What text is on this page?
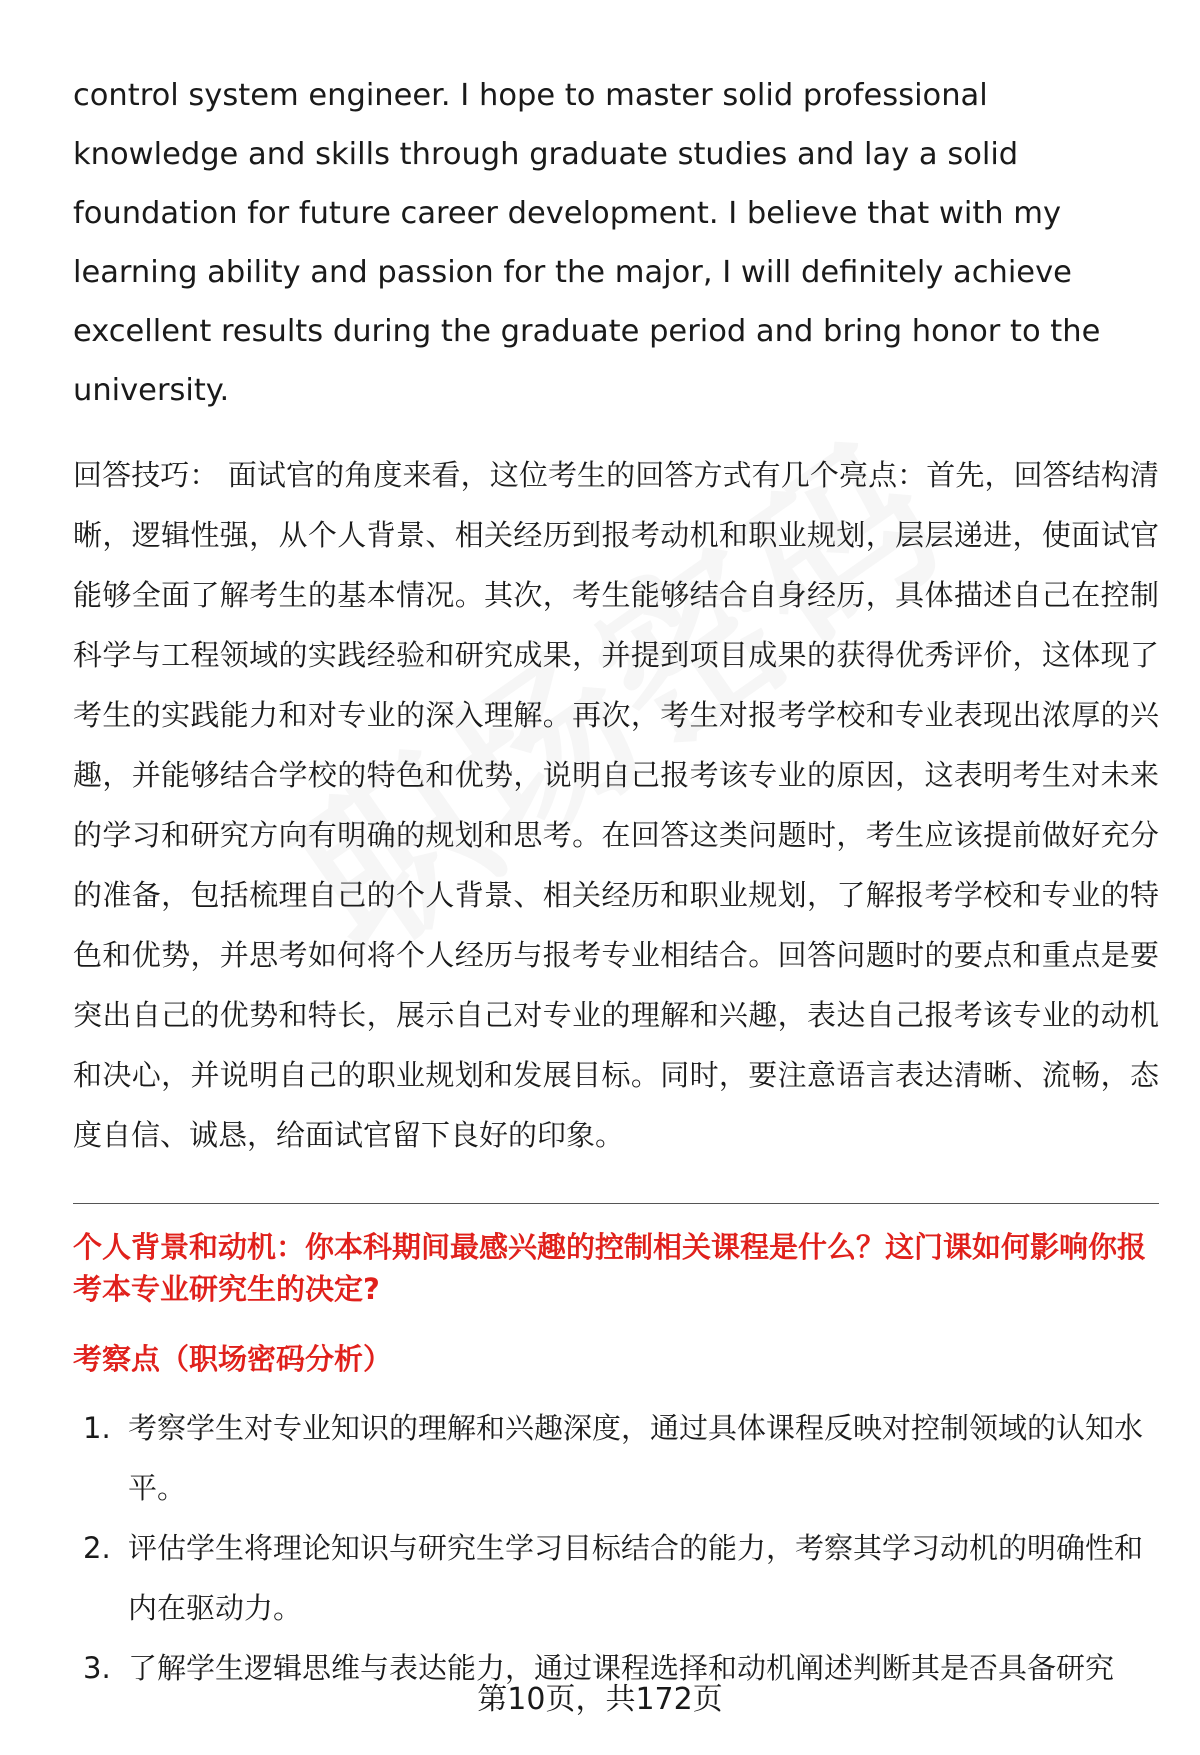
control system engineer. I hope to master solid professional knowledge and skills through graduate studies and lay a solid foundation for future career development. I believe that with my learning ability and passion for the major, I will definitely achieve excellent results during the graduate period and bring honor to the university.

回答技巧： 面试官的角度来看，这位考生的回答方式有几个亮点：首先，回答结构清晰，逻辑性强，从个人背景、相关经历到报考动机和职业规划，层层递进，使面试官能够全面了解考生的基本情况。其次，考生能够结合自身经历，具体描述自己在控制科学与工程领域的实践经验和研究成果，并提到项目成果的获得优秀评价，这体现了考生的实践能力和对专业的深入理解。再次，考生对报考学校和专业表现出浓厚的兴趣，并能够结合学校的特色和优势，说明自己报考该专业的原因，这表明考生对未来的学习和研究方向有明确的规划和思考。在回答这类问题时，考生应该提前做好充分的准备，包括梳理自己的个人背景、相关经历和职业规划，了解报考学校和专业的特色和优势，并思考如何将个人经历与报考专业相结合。回答问题时的要点和重点是要突出自己的优势和特长，展示自己对专业的理解和兴趣，表达自己报考该专业的动机和决心，并说明自己的职业规划和发展目标。同时，要注意语言表达清晰、流畅，态度自信、诚恳，给面试官留下良好的印象。

个人背景和动机：你本科期间最感兴趣的控制相关课程是什么？这门课如何影响你报考本专业研究生的决定?
考察点（职场密码分析）
1. 考察学生对专业知识的理解和兴趣深度，通过具体课程反映对控制领域的认知水平。
2. 评估学生将理论知识与研究生学习目标结合的能力，考察其学习动机的明确性和内在驱动力。
3. 了解学生逻辑思维与表达能力，通过课程选择和动机阐述判断其是否具备研究
第10页，共172页
